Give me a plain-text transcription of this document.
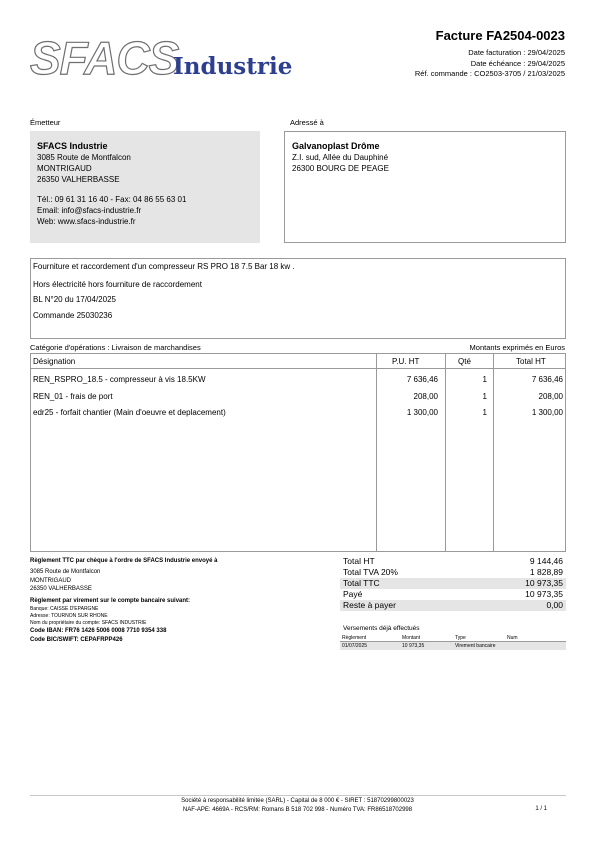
SFACS
Industrie
Facture FA2504-0023
Date facturation : 29/04/2025
Date échéance : 29/04/2025
Réf. commande : CO2503-3705 / 21/03/2025
Émetteur	Adressé à
SFACS Industrie
3085 Route de Montfalcon
MONTRIGAUD
26350 VALHERBASSE
Tél.: 09 61 31 16 40 - Fax: 04 86 55 63 01
Email: info@sfacs-industrie.fr
Web: www.sfacs-industrie.fr
Galvanoplast Drôme
Z.I. sud, Allée du Dauphiné
26300 BOURG DE PEAGE
Fourniture et raccordement d'un compresseur RS PRO 18 7.5 Bar 18 kw .
Hors électricité hors fourniture de raccordement
BL N°20 du 17/04/2025
Commande 25030236
Catégorie d'opérations : Livraison de marchandises	Montants exprimés en Euros
Désignation	P.U. HT	Qté	Total HT
REN_RSPRO_18.5 - compresseur à vis 18.5KW	7 636,46	1	7 636,46
REN_01 - frais de port	208,00	1	208,00
edr25 - forfait chantier (Main d'oeuvre et deplacement)	1 300,00	1	1 300,00
Règlement TTC par chèque à l'ordre de SFACS Industrie envoyé à
3085 Route de Montfalcon
MONTRIGAUD
26350 VALHERBASSE
Règlement par virement sur le compte bancaire suivant:
Banque: CAISSE D'EPARGNE
Adresse: TOURNON SUR RHONE
Nom du propriétaire du compte: SFACS INDUSTRIE
Code IBAN: FR76 1426 5006 0008 7710 9354 338
Code BIC/SWIFT: CEPAFRPP426
Total HT	9 144,46
Total TVA 20%	1 828,89
Total TTC	10 973,35
Payé	10 973,35
Reste à payer	0,00
Versements déjà effectués
Règlement	Montant	Type	Num
01/07/2025	10 973,35	Virement bancaire
Société à responsabilité limitée (SARL) - Capital de 8 000 € - SIRET : 51870299800023
NAF-APE: 4669A - RCS/RM: Romans B 518 702 998 - Numéro TVA: FR86518702998	1 / 1
